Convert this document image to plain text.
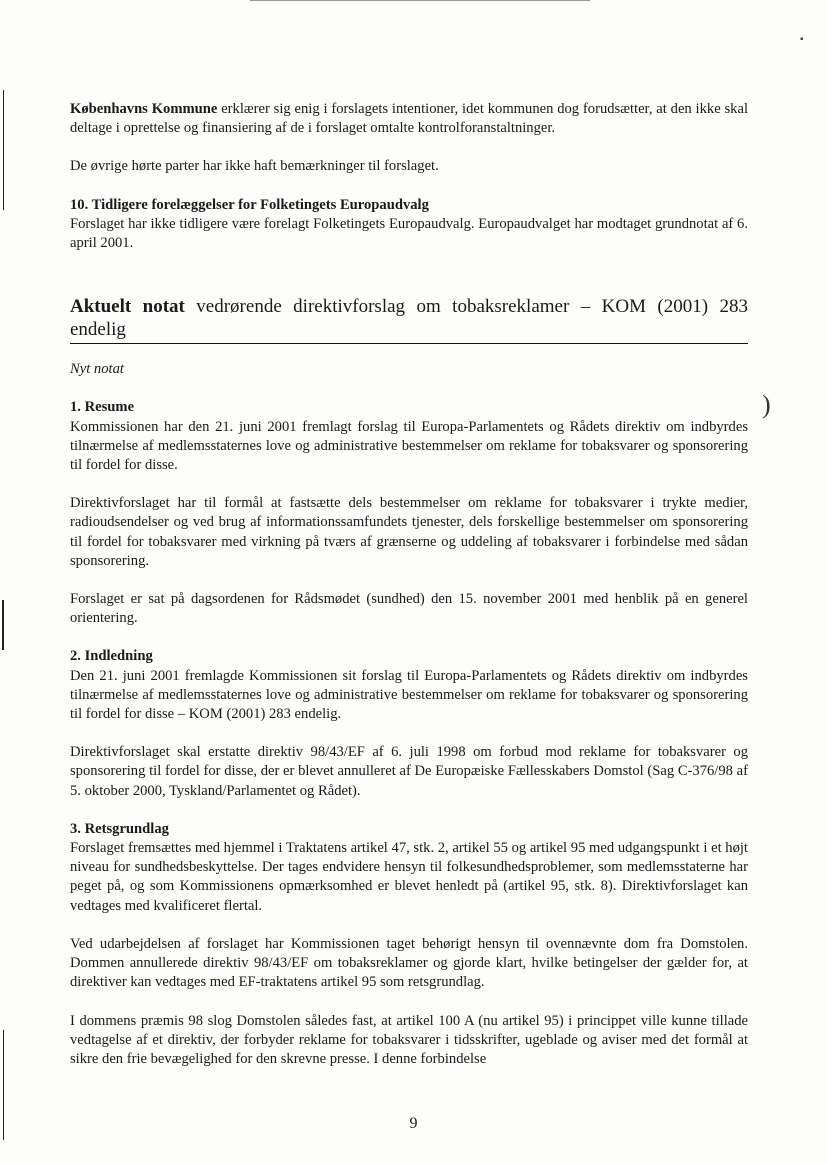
)
▪

Københavns Kommune erklærer sig enig i forslagets intentioner, idet kommunen dog forudsætter, at den ikke skal deltage i oprettelse og finansiering af de i forslaget omtalte kontrolforanstaltninger.

De øvrige hørte parter har ikke haft bemærkninger til forslaget.

10. Tidligere forelæggelser for Folketingets Europaudvalg

Forslaget har ikke tidligere være forelagt Folketingets Europaudvalg. Europaudvalget har modtaget grundnotat af 6. april 2001.

Aktuelt notat vedrørende direktivforslag om tobaksreklamer – KOM (2001) 283 endelig

Nyt notat

1. Resume

Kommissionen har den 21. juni 2001 fremlagt forslag til Europa-Parlamentets og Rådets direktiv om indbyrdes tilnærmelse af medlemsstaternes love og administrative bestemmelser om reklame for tobaksvarer og sponsorering til fordel for disse.

Direktivforslaget har til formål at fastsætte dels bestemmelser om reklame for tobaksvarer i trykte medier, radioudsendelser og ved brug af informationssamfundets tjenester, dels forskellige bestemmelser om sponsorering til fordel for tobaksvarer med virkning på tværs af grænserne og uddeling af tobaksvarer i forbindelse med sådan sponsorering.

Forslaget er sat på dagsordenen for Rådsmødet (sundhed) den 15. november 2001 med henblik på en generel orientering.

2. Indledning

Den 21. juni 2001 fremlagde Kommissionen sit forslag til Europa-Parlamentets og Rådets direktiv om indbyrdes tilnærmelse af medlemsstaternes love og administrative bestemmelser om reklame for tobaksvarer og sponsorering til fordel for disse – KOM (2001) 283 endelig.

Direktivforslaget skal erstatte direktiv 98/43/EF af 6. juli 1998 om forbud mod reklame for tobaksvarer og sponsorering til fordel for disse, der er blevet annulleret af De Europæiske Fællesskabers Domstol (Sag C-376/98 af 5. oktober 2000, Tyskland/Parlamentet og Rådet).

3. Retsgrundlag

Forslaget fremsættes med hjemmel i Traktatens artikel 47, stk. 2, artikel 55 og artikel 95 med udgangspunkt i et højt niveau for sundhedsbeskyttelse. Der tages endvidere hensyn til folkesundhedsproblemer, som medlemsstaterne har peget på, og som Kommissionens opmærksomhed er blevet henledt på (artikel 95, stk. 8). Direktivforslaget kan vedtages med kvalificeret flertal.

Ved udarbejdelsen af forslaget har Kommissionen taget behørigt hensyn til ovennævnte dom fra Domstolen. Dommen annullerede direktiv 98/43/EF om tobaksreklamer og gjorde klart, hvilke betingelser der gælder for, at direktiver kan vedtages med EF-traktatens artikel 95 som retsgrundlag.

I dommens præmis 98 slog Domstolen således fast, at artikel 100 A (nu artikel 95) i princippet ville kunne tillade vedtagelse af et direktiv, der forbyder reklame for tobaksvarer i tidsskrifter, ugeblade og aviser med det formål at sikre den frie bevægelighed for den skrevne presse. I denne forbindelse

9
